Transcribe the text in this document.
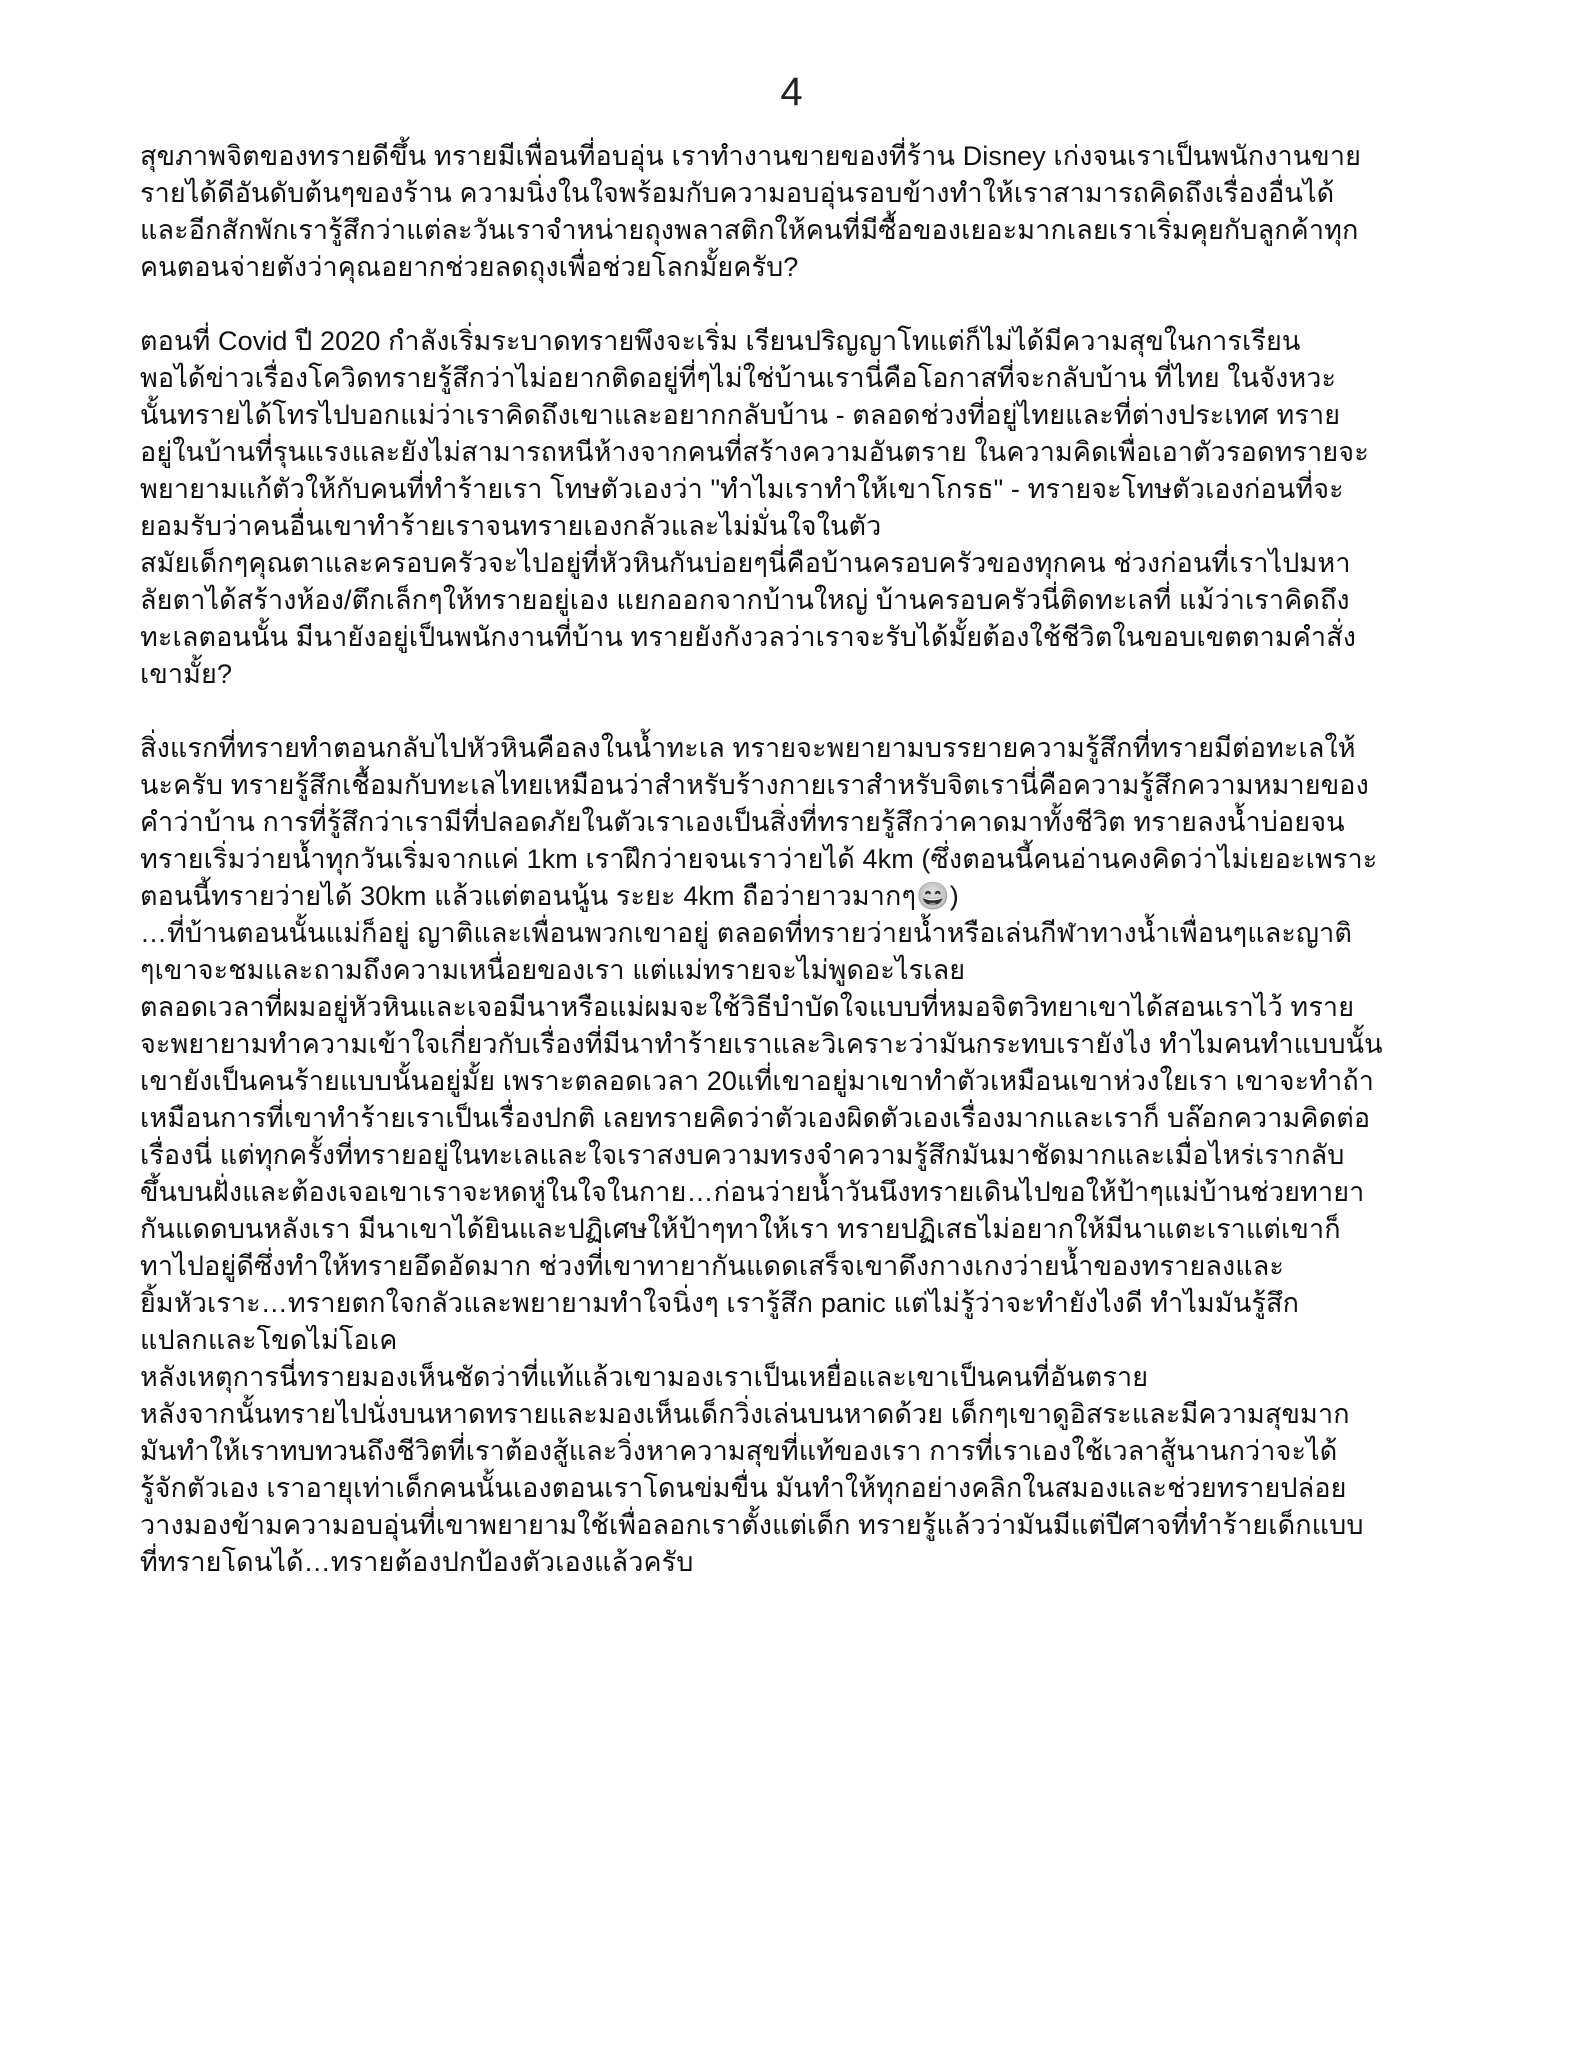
4
สุขภาพจิตของทรายดีขึ้น ทรายมีเพื่อนที่อบอุ่น เราทำงานขายของที่ร้าน Disney เก่งจนเราเป็นพนักงานขาย
รายได้ดีอันดับต้นๆของร้าน ความนิ่งในใจพร้อมกับความอบอุ่นรอบข้างทำให้เราสามารถคิดถึงเรื่องอื่นได้
และอีกสักพักเรารู้สึกว่าแต่ละวันเราจำหน่ายถุงพลาสติกให้คนที่มีซื้อของเยอะมากเลยเราเริ่มคุยกับลูกค้าทุก
คนตอนจ่ายตังว่าคุณอยากช่วยลดถุงเพื่อช่วยโลกมั้ยครับ?
ตอนที่ Covid ปี 2020 กำลังเริ่มระบาดทรายพึงจะเริ่ม เรียนปริญญาโทแต่ก็ไม่ได้มีความสุขในการเรียน
พอได้ข่าวเรื่องโควิดทรายรู้สึกว่าไม่อยากติดอยู่ที่ๆไม่ใช่บ้านเรานี่คือโอกาสที่จะกลับบ้าน ที่ไทย ในจังหวะ
นั้นทรายได้โทรไปบอกแม่ว่าเราคิดถึงเขาและอยากกลับบ้าน - ตลอดช่วงที่อยู่ไทยและที่ต่างประเทศ ทราย
อยู่ในบ้านที่รุนแรงและยังไม่สามารถหนีห้างจากคนที่สร้างความอันตราย ในความคิดเพื่อเอาตัวรอดทรายจะ
พยายามแก้ตัวให้กับคนที่ทำร้ายเรา โทษตัวเองว่า "ทำไมเราทำให้เขาโกรธ" - ทรายจะโทษตัวเองก่อนที่จะ
ยอมรับว่าคนอื่นเขาทำร้ายเราจนทรายเองกลัวและไม่มั่นใจในตัว
สมัยเด็กๆคุณตาและครอบครัวจะไปอยู่ที่หัวหินกันบ่อยๆนี่คือบ้านครอบครัวของทุกคน ช่วงก่อนที่เราไปมหา
ลัยตาได้สร้างห้อง/ตึกเล็กๆให้ทรายอยู่เอง แยกออกจากบ้านใหญ่ บ้านครอบครัวนี่ติดทะเลที่ แม้ว่าเราคิดถึง
ทะเลตอนนั้น มีนายังอยู่เป็นพนักงานที่บ้าน ทรายยังกังวลว่าเราจะรับได้มั้ยต้องใช้ชีวิตในขอบเขตตามคำสั่ง
เขามั้ย?
สิ่งแรกที่ทรายทำตอนกลับไปหัวหินคือลงในน้ำทะเล ทรายจะพยายามบรรยายความรู้สึกที่ทรายมีต่อทะเลให้
นะครับ ทรายรู้สึกเชื้อมกับทะเลไทยเหมือนว่าสำหรับร้างกายเราสำหรับจิตเรานี่คือความรู้สึกความหมายของ
คำว่าบ้าน การที่รู้สึกว่าเรามีที่ปลอดภัยในตัวเราเองเป็นสิ่งที่ทรายรู้สึกว่าคาดมาทั้งชีวิต ทรายลงน้ำบ่อยจน
ทรายเริ่มว่ายน้ำทุกวันเริ่มจากแค่ 1km เราฝึกว่ายจนเราว่ายได้ 4km (ซึ่งตอนนี้คนอ่านคงคิดว่าไม่เยอะเพราะ
ตอนนี้ทรายว่ายได้ 30km แล้วแต่ตอนนู้น ระยะ 4km ถือว่ายาวมากๆ😄)
…ที่บ้านตอนนั้นแม่ก็อยู่ ญาติและเพื่อนพวกเขาอยู่ ตลอดที่ทรายว่ายน้ำหรือเล่นกีฬาทางน้ำเพื่อนๆและญาติ
ๆเขาจะชมและถามถึงความเหนื่อยของเรา แต่แม่ทรายจะไม่พูดอะไรเลย
ตลอดเวลาที่ผมอยู่หัวหินและเจอมีนาหรือแม่ผมจะใช้วิธีบำบัดใจแบบที่หมอจิตวิทยาเขาได้สอนเราไว้ ทราย
จะพยายามทำความเข้าใจเกี่ยวกับเรื่องที่มีนาทำร้ายเราและวิเคราะว่ามันกระทบเรายังไง ทำไมคนทำแบบนั้น
เขายังเป็นคนร้ายแบบนั้นอยู่มั้ย เพราะตลอดเวลา 20แที่เขาอยู่มาเขาทำตัวเหมือนเขาห่วงใยเรา เขาจะทำถ้า
เหมือนการที่เขาทำร้ายเราเป็นเรื่องปกติ เลยทรายคิดว่าตัวเองผิดตัวเองเรื่องมากและเราก็ บล๊อกความคิดต่อ
เรื่องนี่ แต่ทุกครั้งที่ทรายอยู่ในทะเลและใจเราสงบความทรงจำความรู้สึกมันมาชัดมากและเมื่อไหร่เรากลับ
ขึ้นบนฝั่งและต้องเจอเขาเราจะหดหู่ในใจในกาย…ก่อนว่ายน้ำวันนึงทรายเดินไปขอให้ป้าๆแม่บ้านช่วยทายา
กันแดดบนหลังเรา มีนาเขาได้ยินและปฏิเศษให้ป้าๆทาให้เรา ทรายปฏิเสธไม่อยากให้มีนาแตะเราแต่เขาก็
ทาไปอยู่ดีซึ่งทำให้ทรายอึดอัดมาก ช่วงที่เขาทายากันแดดเสร็จเขาดึงกางเกงว่ายน้ำของทรายลงและ
ยิ้มหัวเราะ…ทรายตกใจกลัวและพยายามทำใจนิ่งๆ เรารู้สึก panic แต่ไม่รู้ว่าจะทำยังไงดี ทำไมมันรู้สึก
แปลกและโขดไม่โอเค
หลังเหตุการนี่ทรายมองเห็นชัดว่าที่แท้แล้วเขามองเราเป็นเหยื่อและเขาเป็นคนที่อันตราย
หลังจากนั้นทรายไปนั่งบนหาดทรายและมองเห็นเด็กวิ่งเล่นบนหาดด้วย เด็กๆเขาดูอิสระและมีความสุขมาก
มันทำให้เราทบทวนถึงชีวิตที่เราต้องสู้และวิ่งหาความสุขที่แท้ของเรา การที่เราเองใช้เวลาสู้นานกว่าจะได้
รู้จักตัวเอง เราอายุเท่าเด็กคนนั้นเองตอนเราโดนข่มขื่น มันทำให้ทุกอย่างคลิกในสมองและช่วยทรายปล่อย
วางมองข้ามความอบอุ่นที่เขาพยายามใช้เพื่อลอกเราตั้งแต่เด็ก ทรายรู้แล้วว่ามันมีแต่ปีศาจที่ทำร้ายเด็กแบบ
ที่ทรายโดนได้…ทรายต้องปกป้องตัวเองแล้วครับ
